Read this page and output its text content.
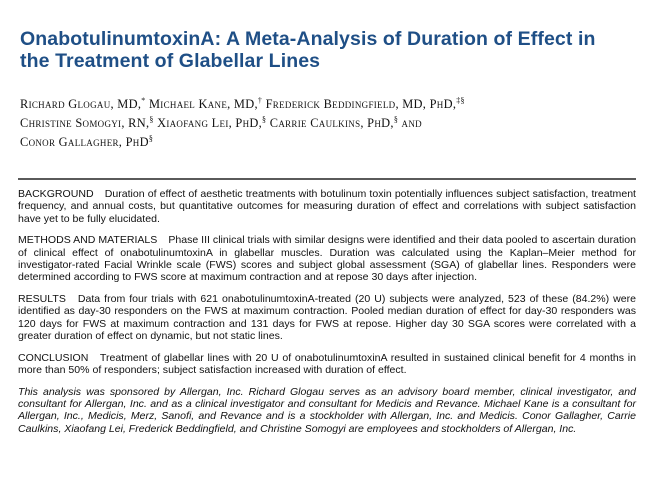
OnabotulinumtoxinA: A Meta-Analysis of Duration of Effect in the Treatment of Glabellar Lines
Richard Glogau, MD,* Michael Kane, MD,† Frederick Beddingfield, MD, PhD,‡§
Christine Somogyi, RN,§ Xiaofang Lei, PhD,§ Carrie Caulkins, PhD,§ and
Conor Gallagher, PhD§

BACKGROUND Duration of effect of aesthetic treatments with botulinum toxin potentially influences subject satisfaction, treatment frequency, and annual costs, but quantitative outcomes for measuring duration of effect and correlations with subject satisfaction have yet to be fully elucidated.

METHODS AND MATERIALS Phase III clinical trials with similar designs were identified and their data pooled to ascertain duration of clinical effect of onabotulinumtoxinA in glabellar muscles. Duration was calculated using the Kaplan–Meier method for investigator-rated Facial Wrinkle scale (FWS) scores and subject global assessment (SGA) of glabellar lines. Responders were determined according to FWS score at maximum contraction and at repose 30 days after injection.

RESULTS Data from four trials with 621 onabotulinumtoxinA-treated (20 U) subjects were analyzed, 523 of these (84.2%) were identified as day-30 responders on the FWS at maximum contraction. Pooled median duration of effect for day-30 responders was 120 days for FWS at maximum contraction and 131 days for FWS at repose. Higher day 30 SGA scores were correlated with a greater duration of effect on dynamic, but not static lines.

CONCLUSION Treatment of glabellar lines with 20 U of onabotulinumtoxinA resulted in sustained clinical benefit for 4 months in more than 50% of responders; subject satisfaction increased with duration of effect.

This analysis was sponsored by Allergan, Inc. Richard Glogau serves as an advisory board member, clinical investigator, and consultant for Allergan, Inc. and as a clinical investigator and consultant for Medicis and Revance. Michael Kane is a consultant for Allergan, Inc., Medicis, Merz, Sanofi, and Revance and is a stockholder with Allergan, Inc. and Medicis. Conor Gallagher, Carrie Caulkins, Xiaofang Lei, Frederick Beddingfield, and Christine Somogyi are employees and stockholders of Allergan, Inc.
